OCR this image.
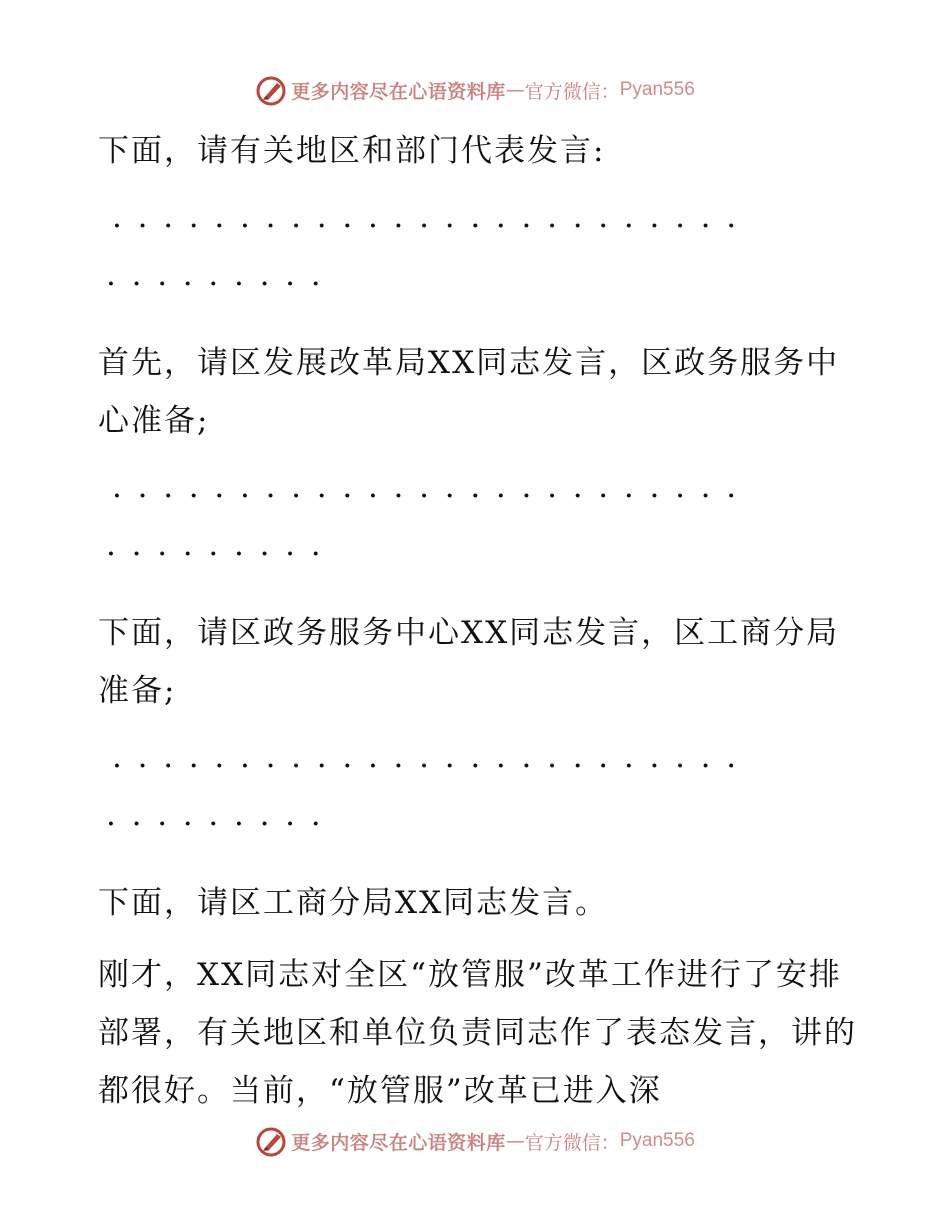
更多内容尽在心语资料库 — 官方微信： Pyan556

下面，请有关地区和部门代表发言:

. . . . . . . . . . . . . . . . . . . . . . . . .
. . . . . . . . .

首先，请区发展改革局XX同志发言，区政务服务中心准备;

. . . . . . . . . . . . . . . . . . . . . . . . .
. . . . . . . . .

下面，请区政务服务中心XX同志发言，区工商分局准备;

. . . . . . . . . . . . . . . . . . . . . . . . .
. . . . . . . . .

下面，请区工商分局XX同志发言。

刚才，XX同志对全区“放管服”改革工作进行了安排部署，有关地区和单位负责同志作了表态发言，讲的都很好。当前，“放管服”改革已进入深

更多内容尽在心语资料库 — 官方微信： Pyan556
